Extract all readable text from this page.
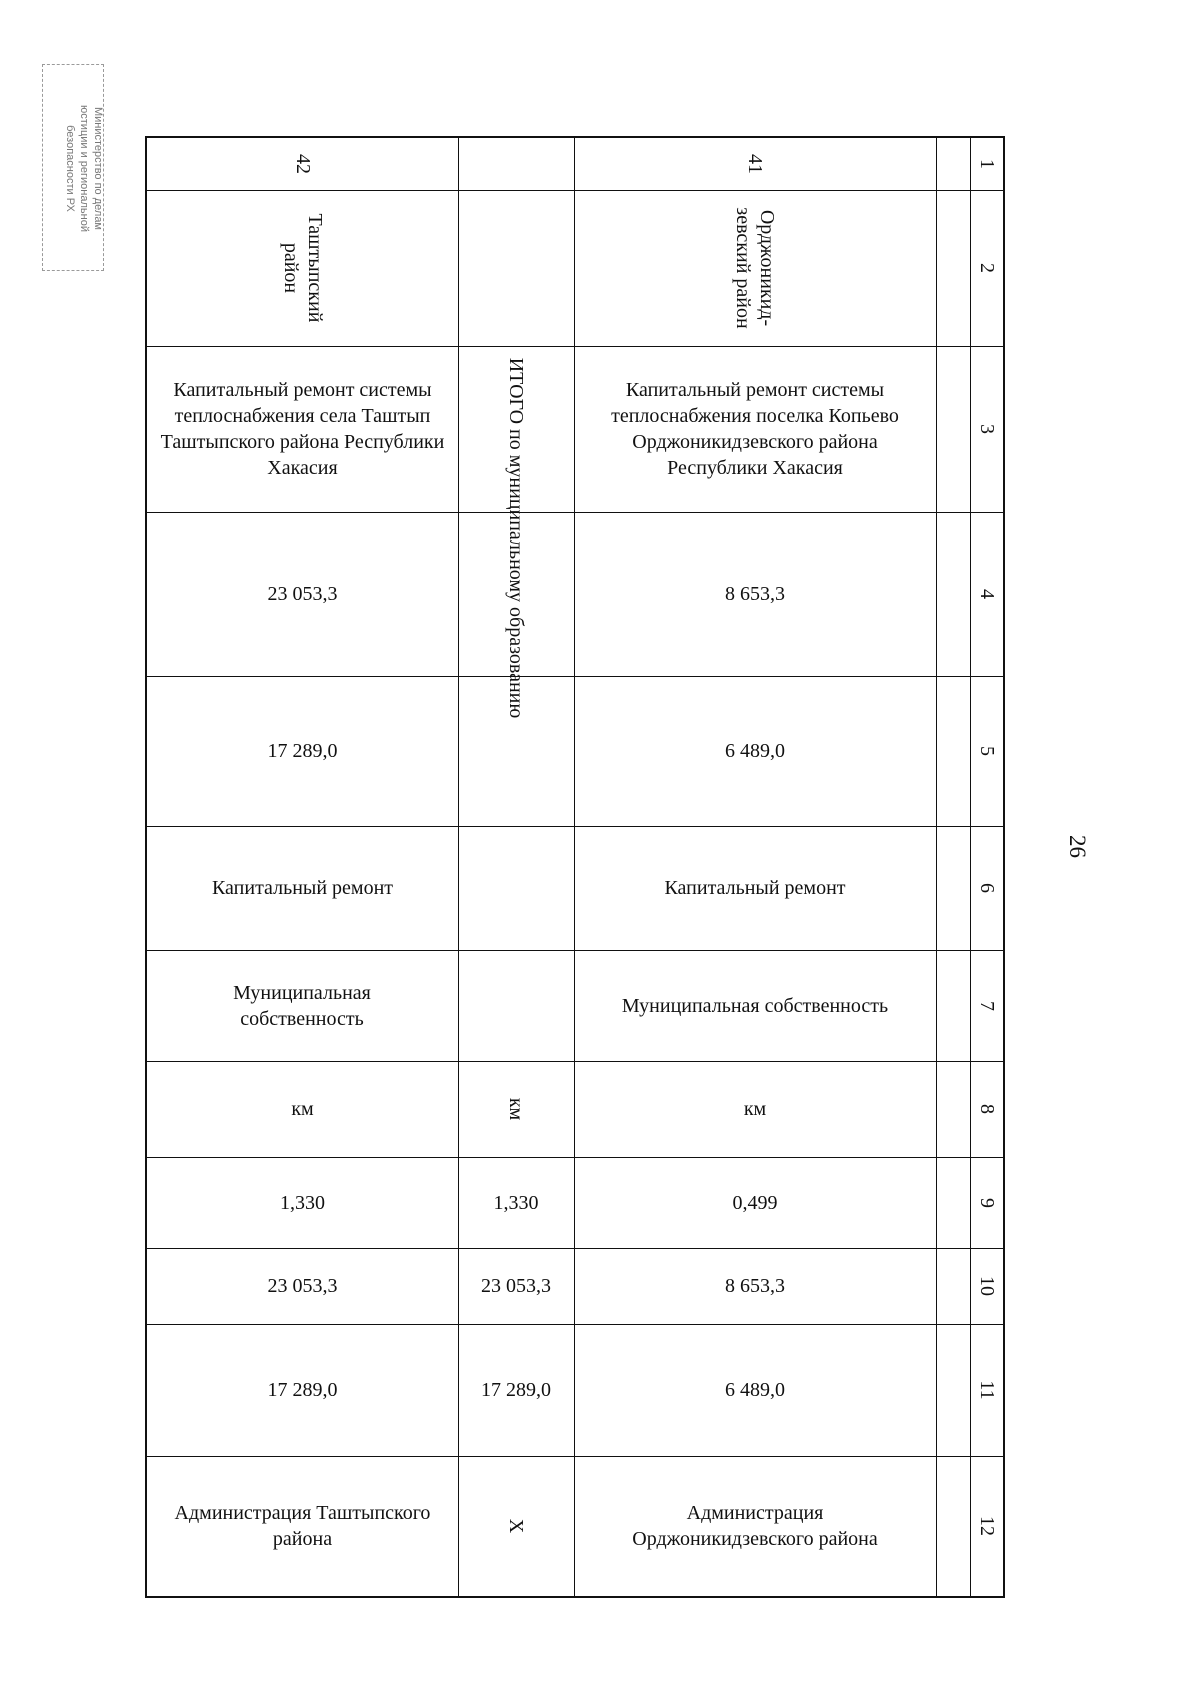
26
Министерство по делам
юстиции и региональной
безопасности РХ	1
2
3
4
5
6
7
8
9
10
11
12
41
Орджоникид-
зевский район
Капитальный ремонт системы теплоснабжения поселка Копьево Орджоникидзевского района Республики Хакасия
8 653,3
6 489,0
Капитальный ремонт
Муниципальная собственность
км
0,499
8 653,3
6 489,0
Администрация Орджоникидзевского района
ИТОГО по муниципальному образованию
км
1,330
23 053,3
17 289,0
Х
42
Таштыпский
район
Капитальный ремонт системы теплоснабжения села Таштып Таштыпского района Республики Хакасия
23 053,3
17 289,0
Капитальный ремонт
Муниципальная собственность
км
1,330
23 053,3
17 289,0
Администрация Таштыпского района
